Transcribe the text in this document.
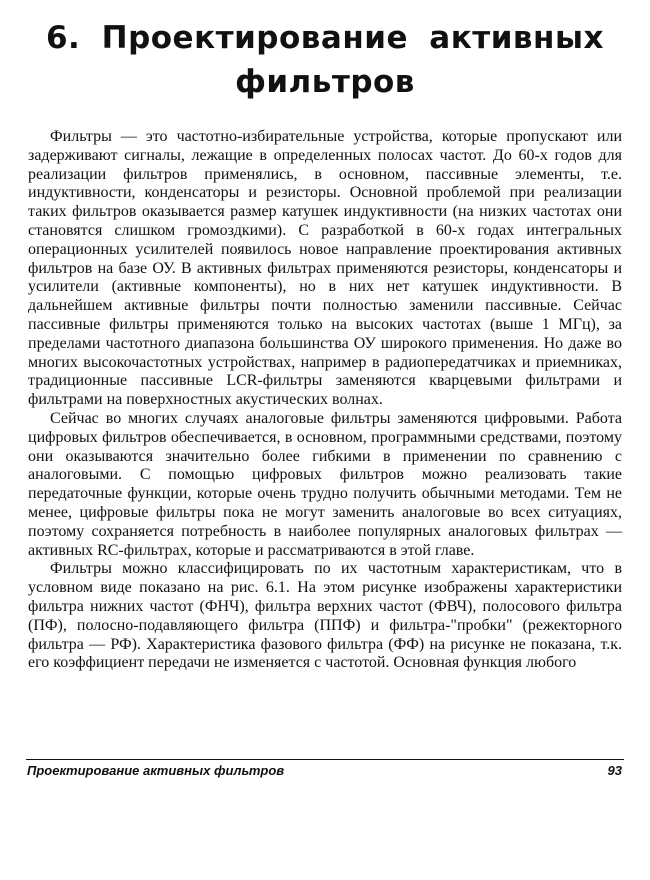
6. Проектирование активных фильтров

Фильтры — это частотно-избирательные устройства, которые пропускают или задерживают сигналы, лежащие в определенных полосах частот. До 60-х годов для реализации фильтров применялись, в основном, пассивные элементы, т.е. индуктивности, конденсаторы и резисторы. Основной проблемой при реализации таких фильтров оказывается размер катушек индуктивности (на низких частотах они становятся слишком громоздкими). С разработкой в 60-х годах интегральных операционных усилителей появилось новое направление проектирования активных фильтров на базе ОУ. В активных фильтрах применяются резисторы, конденсаторы и усилители (активные компоненты), но в них нет катушек индуктивности. В дальнейшем активные фильтры почти полностью заменили пассивные. Сейчас пассивные фильтры применяются только на высоких частотах (выше 1 МГц), за пределами частотного диапазона большинства ОУ широкого применения. Но даже во многих высокочастотных устройствах, например в радиопередатчиках и приемниках, традиционные пассивные LCR-фильтры заменяются кварцевыми фильтрами и фильтрами на поверхностных акустических волнах.

Сейчас во многих случаях аналоговые фильтры заменяются цифровыми. Работа цифровых фильтров обеспечивается, в основном, программными средствами, поэтому они оказываются значительно более гибкими в применении по сравнению с аналоговыми. С помощью цифровых фильтров можно реализовать такие передаточные функции, которые очень трудно получить обычными методами. Тем не менее, цифровые фильтры пока не могут заменить аналоговые во всех ситуациях, поэтому сохраняется потребность в наиболее популярных аналоговых фильтрах — активных RC-фильтрах, которые и рассматриваются в этой главе.

Фильтры можно классифицировать по их частотным характеристикам, что в условном виде показано на рис. 6.1. На этом рисунке изображены характеристики фильтра нижних частот (ФНЧ), фильтра верхних частот (ФВЧ), полосового фильтра (ПФ), полосно-подавляющего фильтра (ППФ) и фильтра-"пробки" (режекторного фильтра — РФ). Характеристика фазового фильтра (ФФ) на рисунке не показана, т.к. его коэффициент передачи не изменяется с частотой. Основная функция любого

Проектирование активных фильтров	93
